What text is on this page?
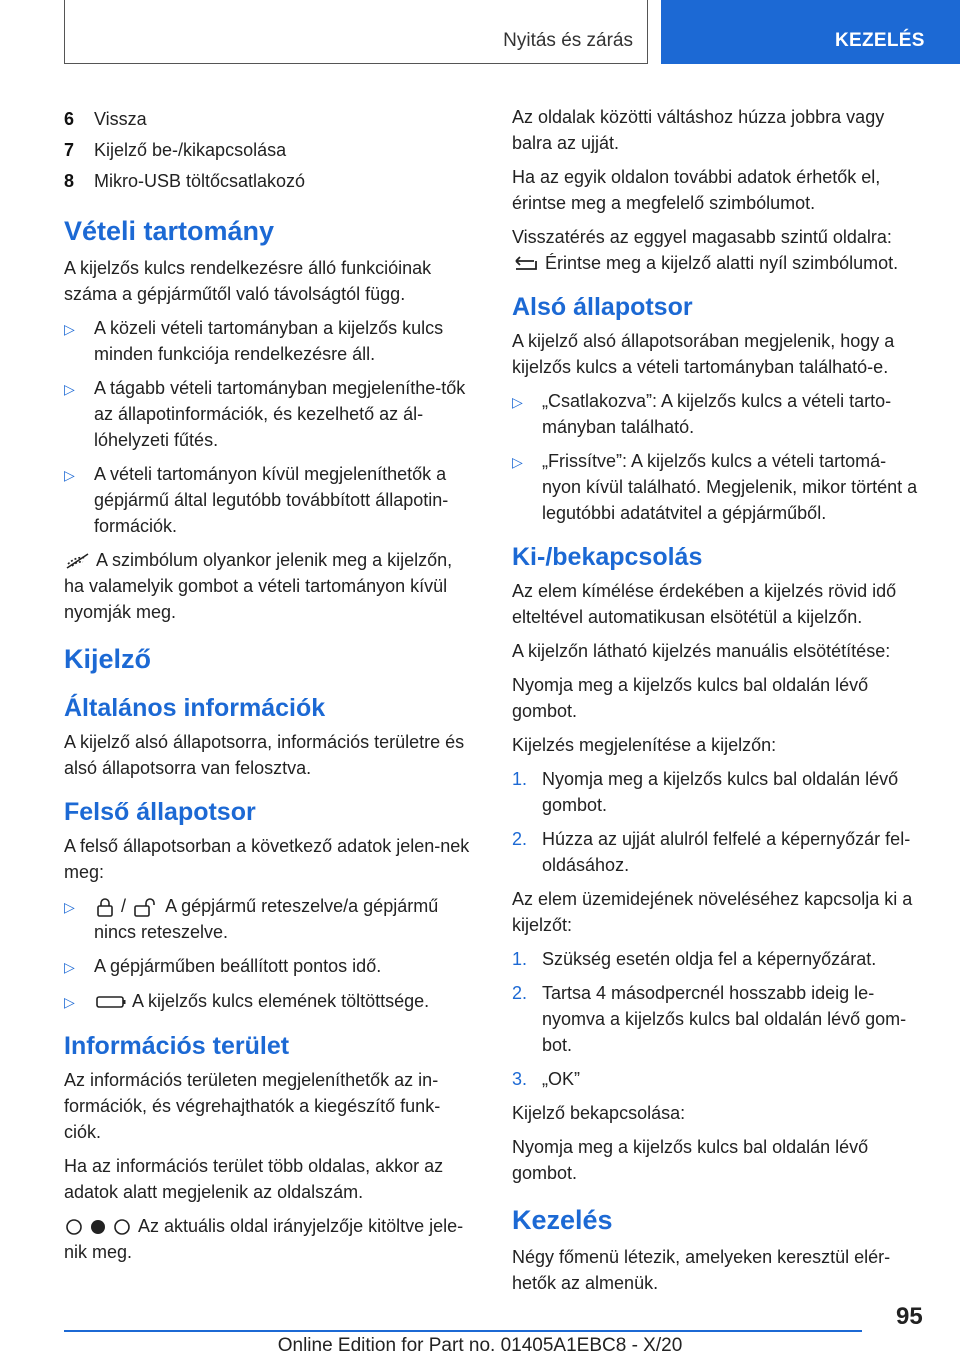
Nyitás és zárás	KEZELÉS
6	Vissza
7	Kijelző be-/kikapcsolása
8	Mikro-USB töltőcsatlakozó
Vételi tartomány

A kijelzős kulcs rendelkezésre álló funkcióinak száma a gépjárműtől való távolságtól függ.

▷	A közeli vételi tartományban a kijelzős kulcs minden funkciója rendelkezésre áll.
▷	A tágabb vételi tartományban megjeleníthe-tők az állapotinformációk, és kezelhető az ál-lóhelyzeti fűtés.
▷	A vételi tartományon kívül megjeleníthetők a gépjármű által legutóbb továbbított állapotin-formációk.

A szimbólum olyankor jelenik meg a kijelzőn, ha valamelyik gombot a vételi tartományon kívül nyomják meg.

Kijelző
Általános információk

A kijelző alsó állapotsorra, információs területre és alsó állapotsorra van felosztva.

Felső állapotsor

A felső állapotsorban a következő adatok jelen-nek meg:

▷	/ A gépjármű reteszelve/a gépjármű nincs reteszelve.
▷	A gépjárműben beállított pontos idő.
▷	A kijelzős kulcs elemének töltöttsége.
Információs terület

Az információs területen megjeleníthetők az in-formációk, és végrehajthatók a kiegészítő funk-ciók.

Ha az információs terület több oldalas, akkor az adatok alatt megjelenik az oldalszám.

Az aktuális oldal irányjelzője kitöltve jele-nik meg.

Az oldalak közötti váltáshoz húzza jobbra vagy balra az ujját.

Ha az egyik oldalon további adatok érhetők el, érintse meg a megfelelő szimbólumot.

Visszatérés az eggyel magasabb szintű oldalra:
Érintse meg a kijelző alatti nyíl szimbólumot.

Alsó állapotsor

A kijelző alsó állapotsorában megjelenik, hogy a kijelzős kulcs a vételi tartományban található-e.

▷	„Csatlakozva”: A kijelzős kulcs a vételi tarto-mányban található.
▷	„Frissítve”: A kijelzős kulcs a vételi tartomá-nyon kívül található. Megjelenik, mikor történt a legutóbbi adatátvitel a gépjárműből.
Ki-/bekapcsolás

Az elem kímélése érdekében a kijelzés rövid idő elteltével automatikusan elsötétül a kijelzőn.

A kijelzőn látható kijelzés manuális elsötétítése:

Nyomja meg a kijelzős kulcs bal oldalán lévő gombot.

Kijelzés megjelenítése a kijelzőn:

1. Nyomja meg a kijelzős kulcs bal oldalán lévő gombot.
2. Húzza az ujját alulról felfelé a képernyőzár fel-oldásához.

Az elem üzemidejének növeléséhez kapcsolja ki a kijelzőt:

1. Szükség esetén oldja fel a képernyőzárat.
2. Tartsa 4 másodpercnél hosszabb ideig le-nyomva a kijelzős kulcs bal oldalán lévő gom-bot.
3. „OK”

Kijelző bekapcsolása:

Nyomja meg a kijelzős kulcs bal oldalán lévő gombot.

Kezelés

Négy főmenü létezik, amelyeken keresztül elér-hetők az almenük.

95
Online Edition for Part no. 01405A1EBC8 - X/20
